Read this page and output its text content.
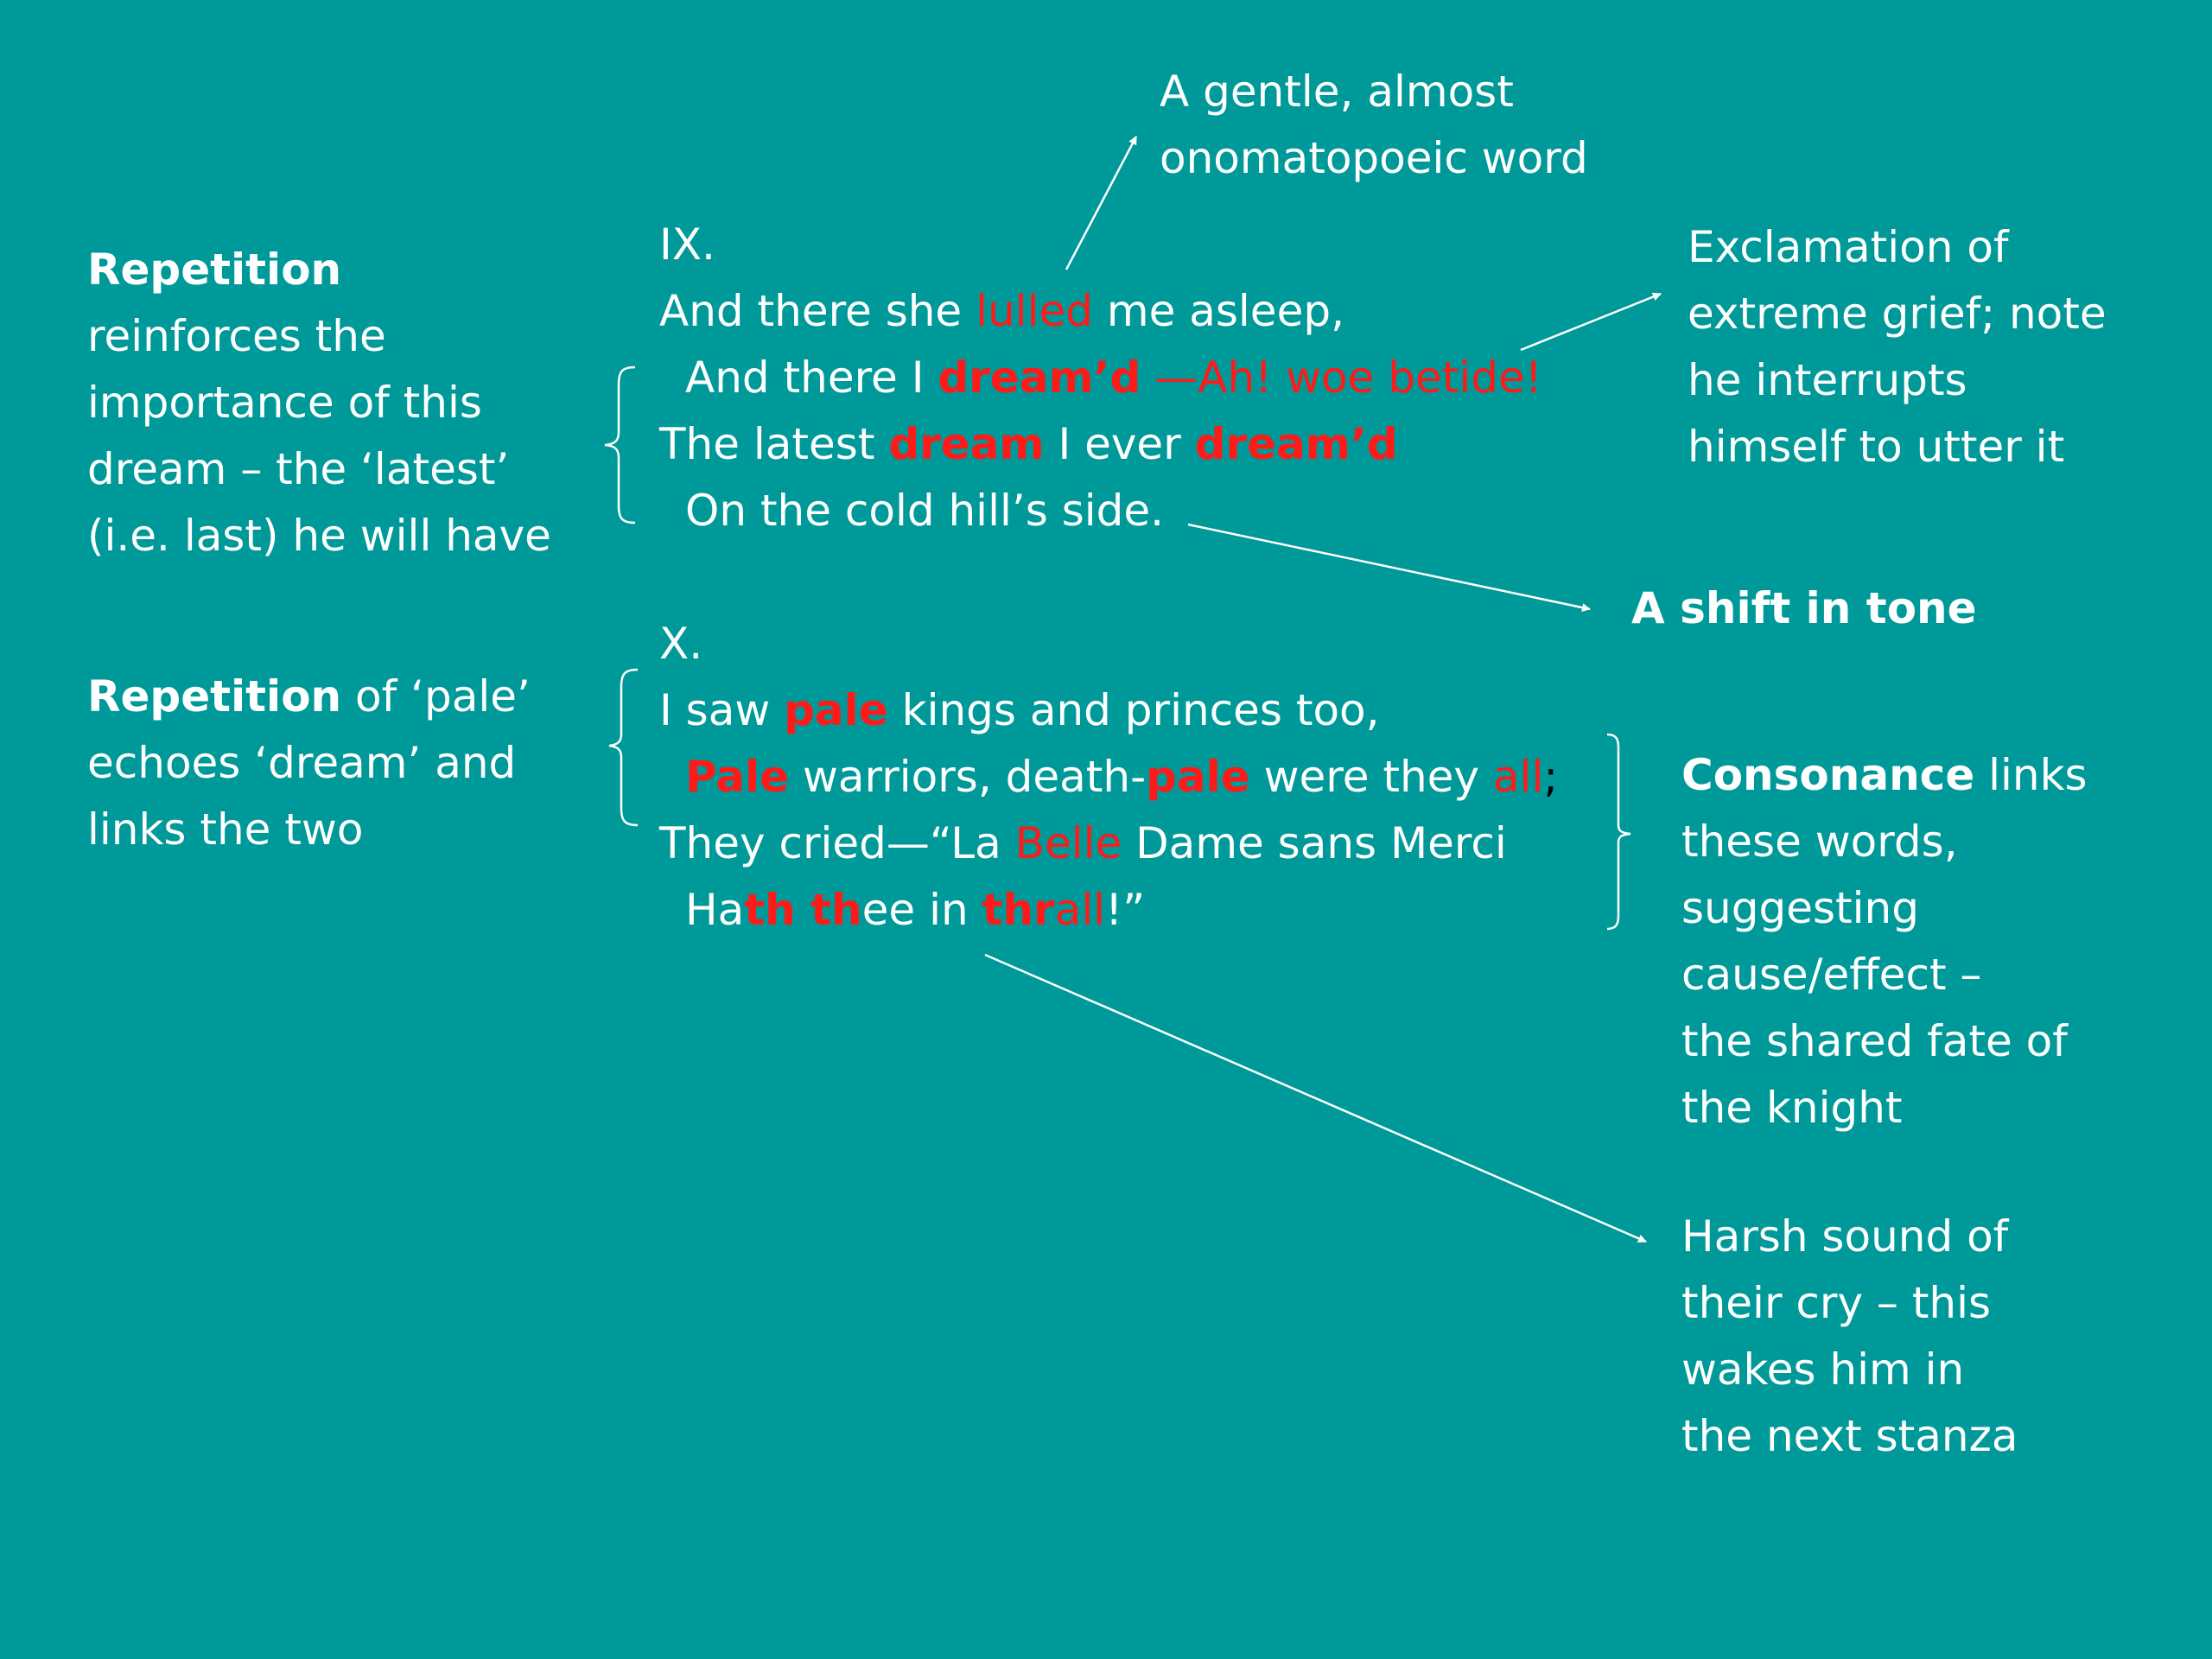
IX.
And there she lulled me asleep,
And there I dream’d —Ah! woe betide!
The latest dream I ever dream’d
On the cold hill’s side.
X.
I saw pale kings and princes too,
Pale warriors, death-pale were they all;
They cried—“La Belle Dame sans Merci
Hath thee in thrall!”
Repetition
reinforces the
importance of this
dream – the ‘latest’
(i.e. last) he will have
Repetition of ‘pale’
echoes ‘dream’ and
links the two
A gentle, almost
onomatopoeic word
Exclamation of
extreme grief; note
he interrupts
himself to utter it
A shift in tone
Consonance links
these words,
suggesting
cause/effect –
the shared fate of
the knight
Harsh sound of
their cry – this
wakes him in
the next stanza
